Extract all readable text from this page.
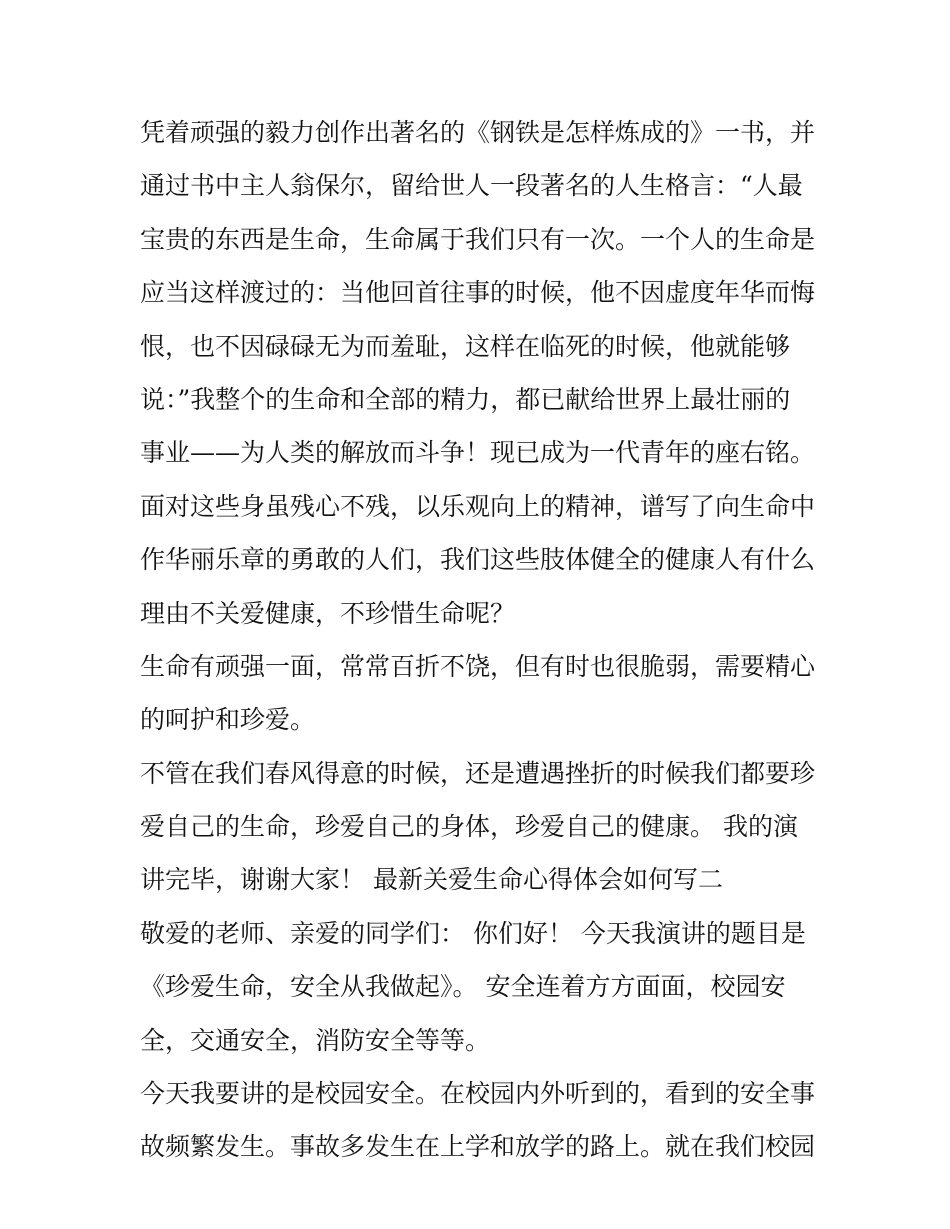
凭着顽强的毅力创作出著名的《钢铁是怎样炼成的》一书，并
通过书中主人翁保尔，留给世人一段著名的人生格言：“人最
宝贵的东西是生命，生命属于我们只有一次。一个人的生命是
应当这样渡过的：当他回首往事的时候，他不因虚度年华而悔
恨，也不因碌碌无为而羞耻，这样在临死的时候，他就能够
说：”我整个的生命和全部的精力，都已献给世界上最壮丽的
事业——为人类的解放而斗争！现已成为一代青年的座右铭。
面对这些身虽残心不残，以乐观向上的精神，谱写了向生命中
作华丽乐章的勇敢的人们，我们这些肢体健全的健康人有什么
理由不关爱健康，不珍惜生命呢？
生命有顽强一面，常常百折不饶，但有时也很脆弱，需要精心
的呵护和珍爱。
不管在我们春风得意的时候，还是遭遇挫折的时候我们都要珍
爱自己的生命，珍爱自己的身体，珍爱自己的健康。 我的演
讲完毕，谢谢大家！ 最新关爱生命心得体会如何写二
敬爱的老师、亲爱的同学们： 你们好！ 今天我演讲的题目是
《珍爱生命，安全从我做起》。 安全连着方方面面，校园安
全，交通安全，消防安全等等。
今天我要讲的是校园安全。在校园内外听到的，看到的安全事
故频繁发生。事故多发生在上学和放学的路上。就在我们校园
